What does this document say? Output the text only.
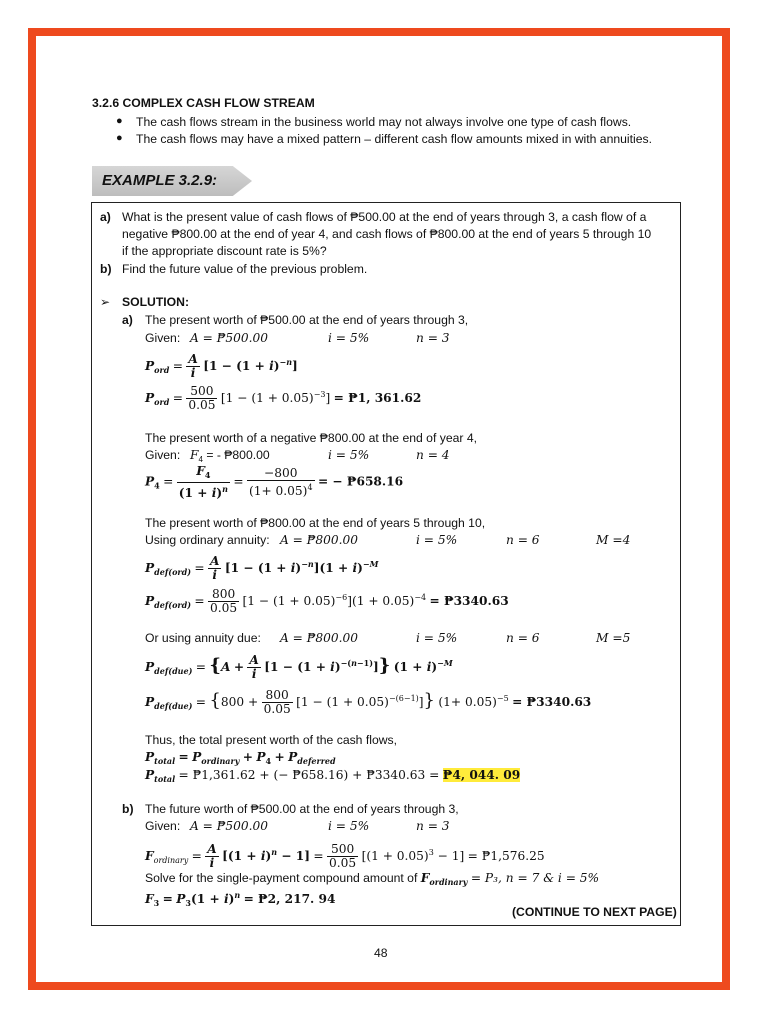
3.2.6 COMPLEX CASH FLOW STREAM
● The cash flows stream in the business world may not always involve one type of cash flows.
● The cash flows may have a mixed pattern – different cash flow amounts mixed in with annuities.
EXAMPLE 3.2.9:
a) What is the present value of cash flows of ₱500.00 at the end of years through 3, a cash flow of a
negative ₱800.00 at the end of year 4, and cash flows of ₱800.00 at the end of years 5 through 10
if the appropriate discount rate is 5%?
b) Find the future value of the previous problem.
➢ SOLUTION:
a) The present worth of ₱500.00 at the end of years through 3,
Given: A = ₱500.00	i = 5%	n = 3
$P_{ord} = \frac{A}{i} [1 - (1 + i)^{-n}]$
$P_{ord} = \frac{500}{0.05} [1 - (1 + 0.05)^{-3}]$ = ₱1, 361.62
The present worth of a negative ₱800.00 at the end of year 4,
Given: $F_4$ = - ₱800.00	i = 5%	n = 4
$P_4 = \frac{F_4}{(1 + i)^n} = \frac{-800}{(1+ 0.05)^4}$ = − ₱658.16
The present worth of ₱800.00 at the end of years 5 through 10,
Using ordinary annuity: A = ₱800.00	i = 5%	n = 6	M =4
$P_{def(ord)} = \frac{A}{i} [1 - (1 + i)^{-n}](1 + i)^{-M}$
$P_{def(ord)} = \frac{800}{0.05} [1 - (1 + 0.05)^{-6}](1 + 0.05)^{-4}$ = ₱3340.63
Or using annuity due: A = ₱800.00	i = 5%	n = 6	M =5
$P_{def(due)} = \{A + \frac{A}{i} [1 - (1 + i)^{-(n-1)}]\} (1 + i)^{-M}$
$P_{def(due)} = \{800 + \frac{800}{0.05} [1 - (1 + 0.05)^{-(6-1)}]\}$ $(1+ 0.05)^{-5}$ = ₱3340.63
Thus, the total present worth of the cash flows,
$P_{total} = P_{ordinary} + P_4 + P_{deferred}$
$P_{total}$ = ₱1,361.62 + (− ₱658.16) + ₱3340.63 = ₱4, 044. 09
b) The future worth of ₱500.00 at the end of years through 3,
Given: A = ₱500.00	i = 5%	n = 3
$F_{ordinary} = \frac{A}{i} [(1 + i)^n - 1] = \frac{500}{0.05} [(1 + 0.05)^3 - 1]$ = ₱1,576.25
Solve for the single-payment compound amount of $F_{ordinary} = P_3$, n = 7 & i = 5%
$F_3 = P_3(1 + i)^n$ = ₱2, 217. 94
(CONTINUE TO NEXT PAGE)
48
